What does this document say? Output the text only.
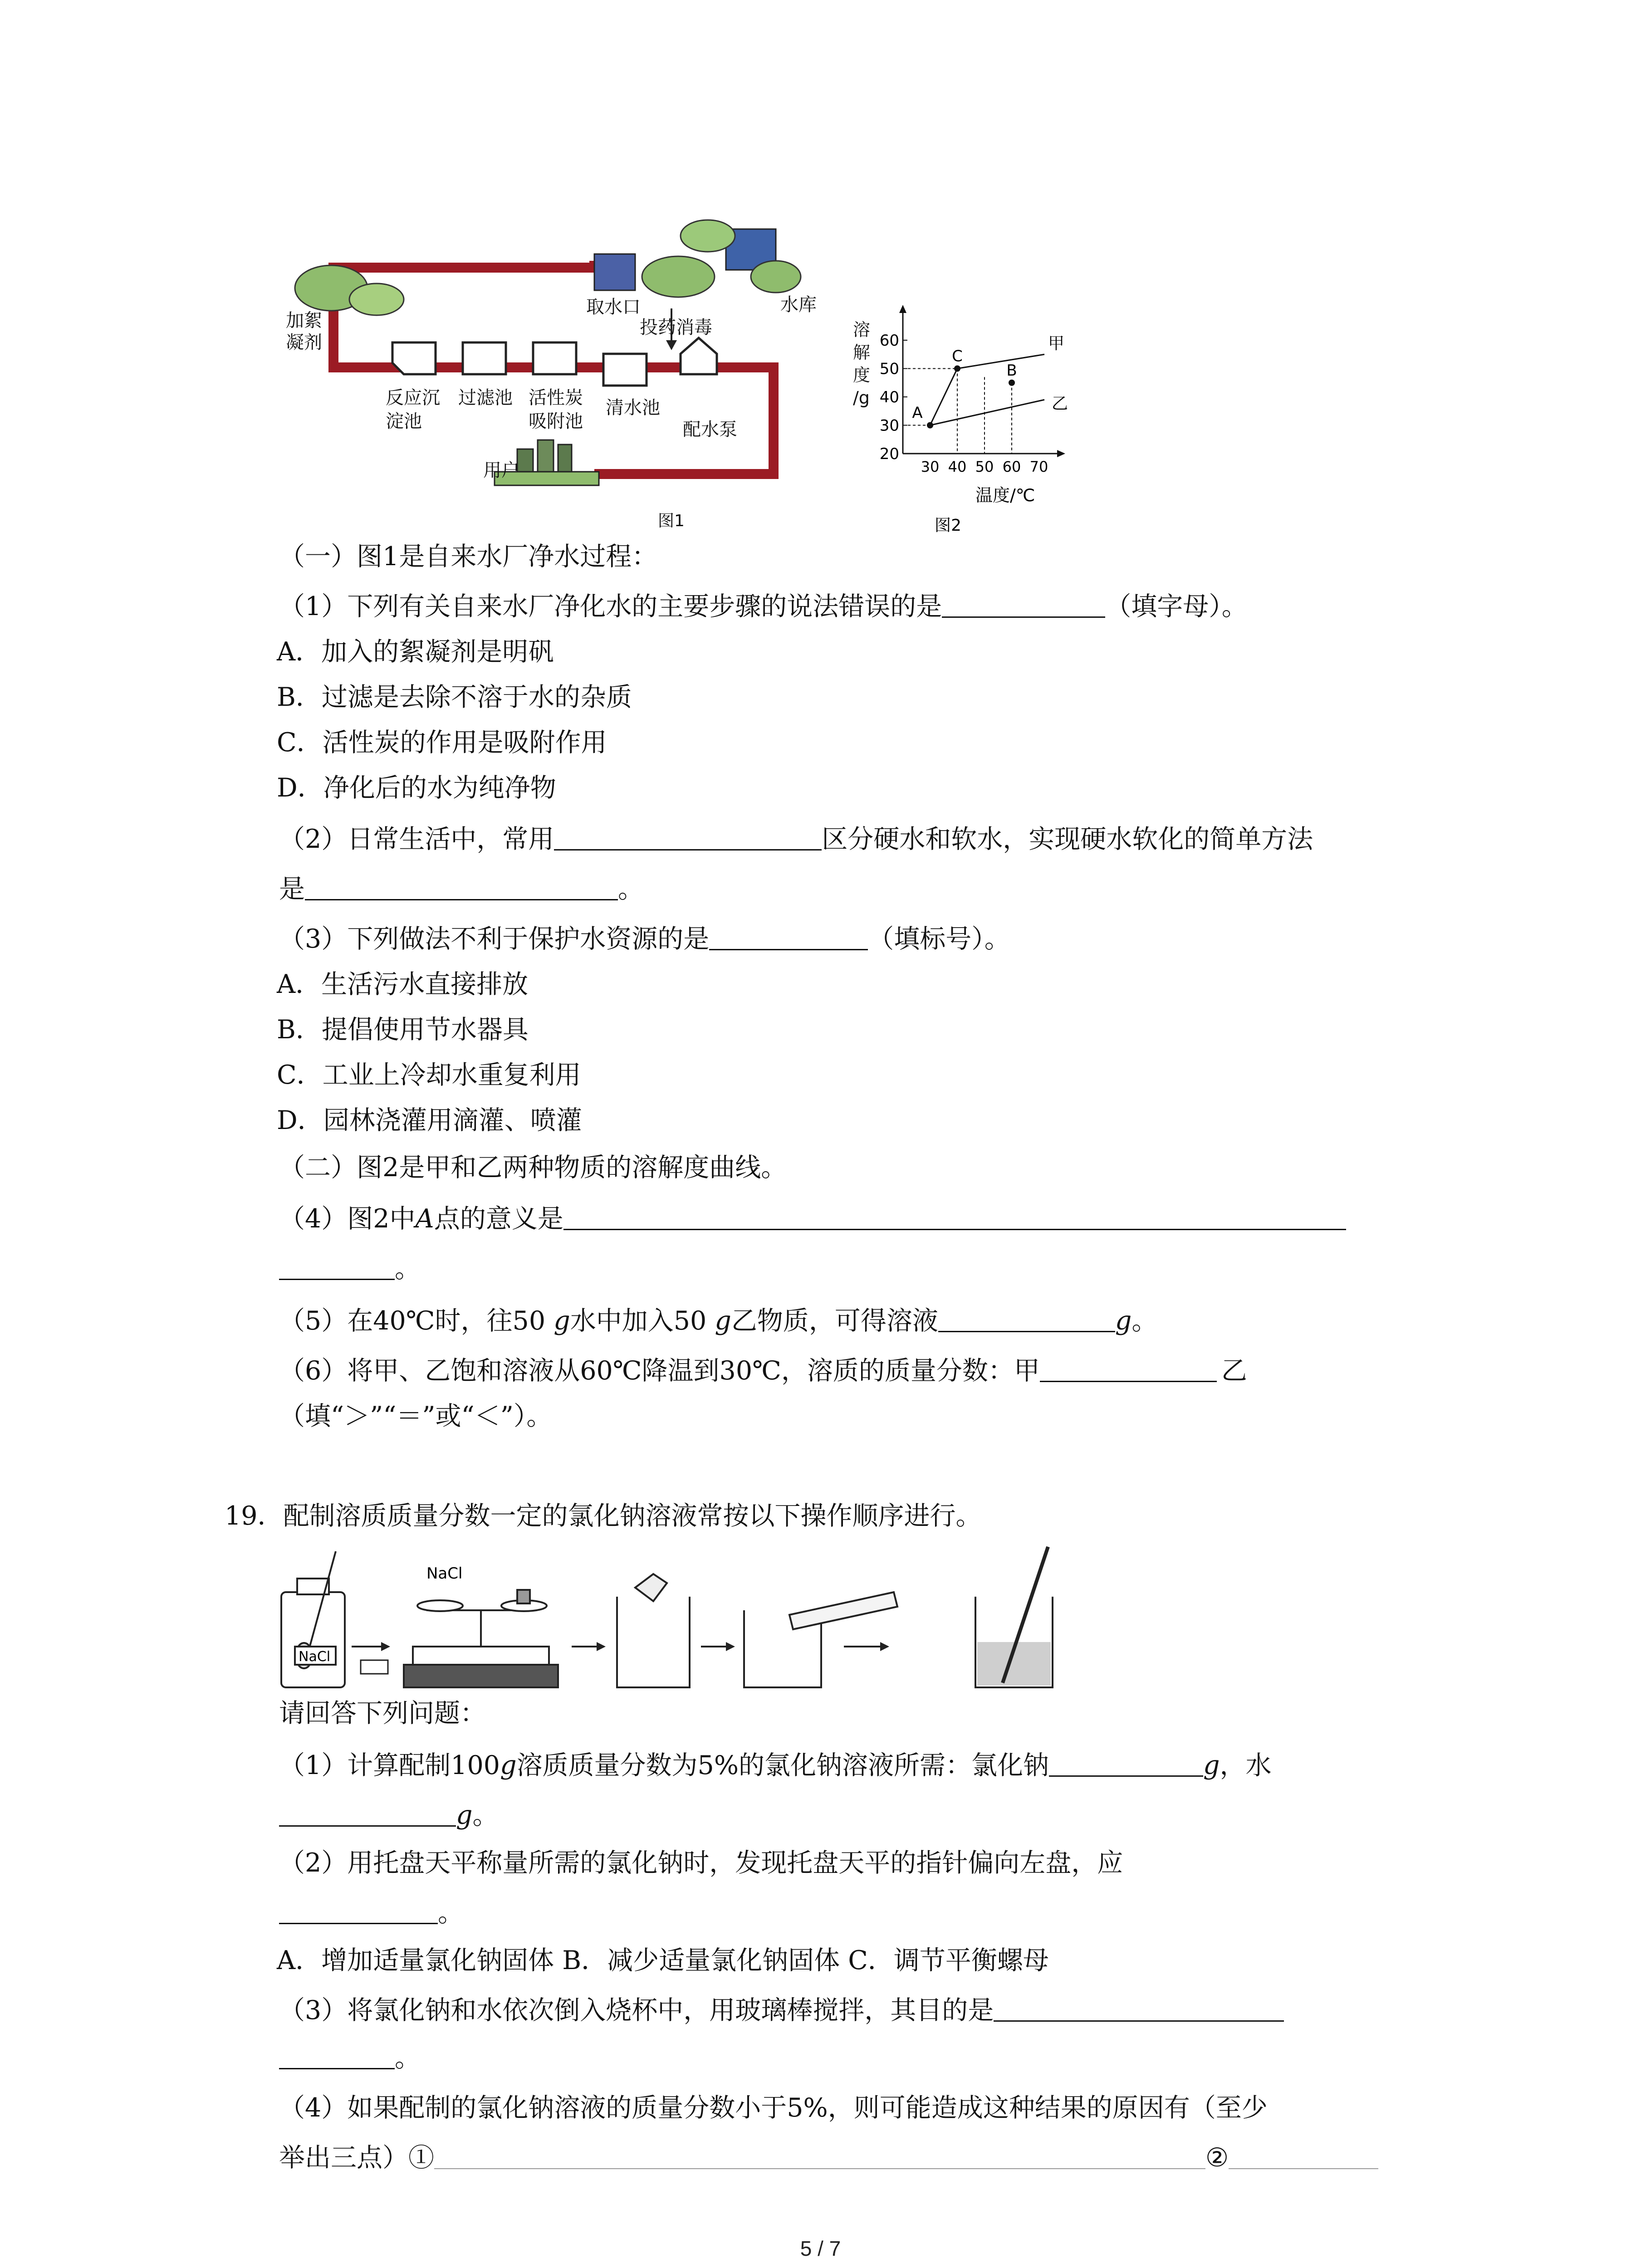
加絮
凝剂
取水口	水库
投药消毒
反应沉
淀池
过滤池 活性炭
吸附池
清水池
配水泵
用户
图1
溶
解
度
/g
20
30
40
50
60
30 40 50 60 70
A
C
B
甲
乙
温度/℃
图2
（一）图1是自来水厂净水过程：
（1）下列有关自来水厂净化水的主要步骤的说法错误的是	（填字母）。
A．加入的絮凝剂是明矾
B．过滤是去除不溶于水的杂质
C．活性炭的作用是吸附作用
D．净化后的水为纯净物
（2）日常生活中，常用	区分硬水和软水，实现硬水软化的简单方法
是	。
（3）下列做法不利于保护水资源的是	（填标号）。
A．生活污水直接排放
B．提倡使用节水器具
C．工业上冷却水重复利用
D．园林浇灌用滴灌、喷灌
（二）图2是甲和乙两种物质的溶解度曲线。
（4）图2中A点的意义是
。
（5）在40℃时，往50 g水中加入50 g乙物质，可得溶液	g。
（6）将甲、乙饱和溶液从60℃降温到30℃，溶质的质量分数：甲	乙
（填“＞”“＝”或“＜”）。
19．配制溶质质量分数一定的氯化钠溶液常按以下操作顺序进行。
NaCl
NaCl
请回答下列问题：
（1）计算配制100g溶质质量分数为5%的氯化钠溶液所需：氯化钠	g，水
g。
（2）用托盘天平称量所需的氯化钠时，发现托盘天平的指针偏向左盘，应
。
A．增加适量氯化钠固体 B．减少适量氯化钠固体 C．调节平衡螺母
（3）将氯化钠和水依次倒入烧杯中，用玻璃棒搅拌，其目的是
。
（4）如果配制的氯化钠溶液的质量分数小于5%，则可能造成这种结果的原因有（至少
举出三点）①	②
5 / 7
